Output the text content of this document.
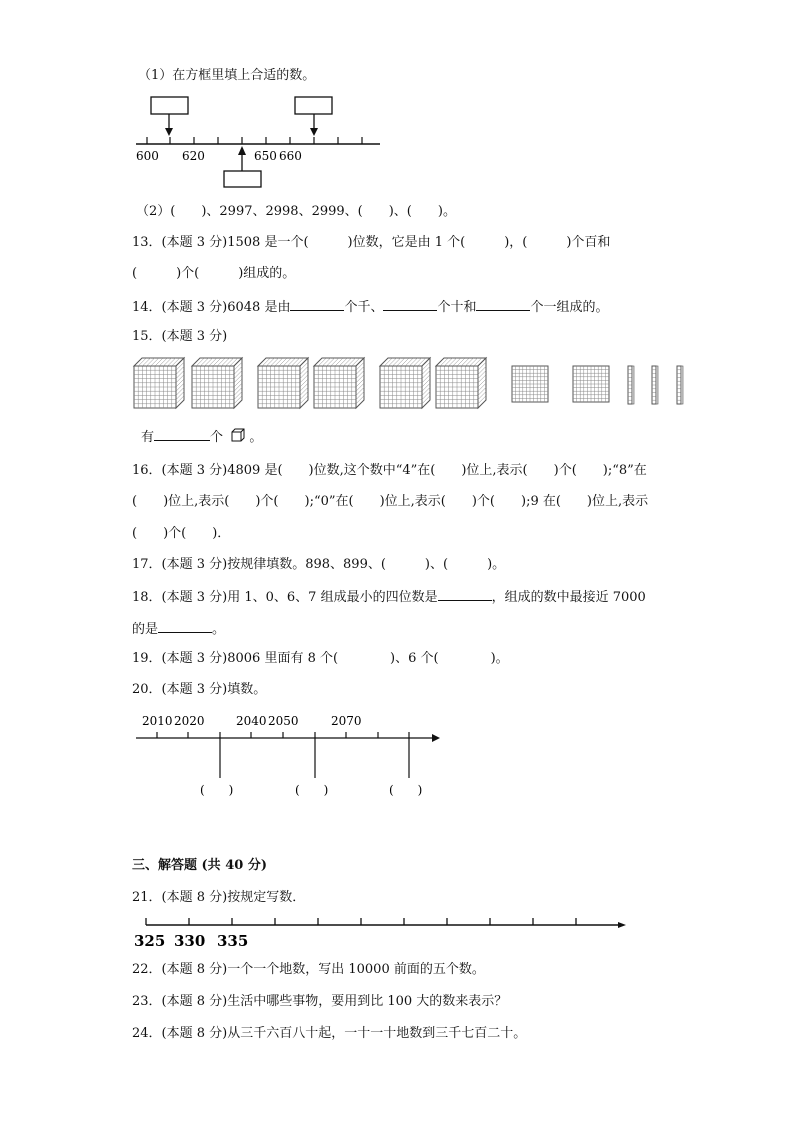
（1）在方框里填上合适的数。
600 620	650 660
（2）(　　)、2997、2998、2999、(　　)、(　　)。
13．(本题 3 分)1508 是一个(　　　)位数，它是由 1 个(　　　)，(　　　)个百和
(　　　)个(　　　)组成的。
14．(本题 3 分)6048 是由	个千、	个十和	个一组成的。
15．(本题 3 分)
有	个 。
16．(本题 3 分)4809 是(　　)位数,这个数中“4”在(　　)位上,表示(　　)个(　　);“8”在
(　　)位上,表示(　　)个(　　);“0”在(　　)位上,表示(　　)个(　　);9 在(　　)位上,表示
(　　)个(　　)．
17．(本题 3 分)按规律填数。898、899、(　　　)、(　　　)。
18．(本题 3 分)用 1、0、6、7 组成最小的四位数是	，组成的数中最接近 7000
的是	。
19．(本题 3 分)8006 里面有 8 个(　　　　)、6 个(　　　　)。
20．(本题 3 分)填数。
2010 2020	2040 2050	2070
(　　)	(　　)	(　　)
三、解答题 (共 40 分)
21．(本题 8 分)按规定写数．
325 330 335
22．(本题 8 分)一个一个地数，写出 10000 前面的五个数。
23．(本题 8 分)生活中哪些事物，要用到比 100 大的数来表示？
24．(本题 8 分)从三千六百八十起，一十一十地数到三千七百二十。
